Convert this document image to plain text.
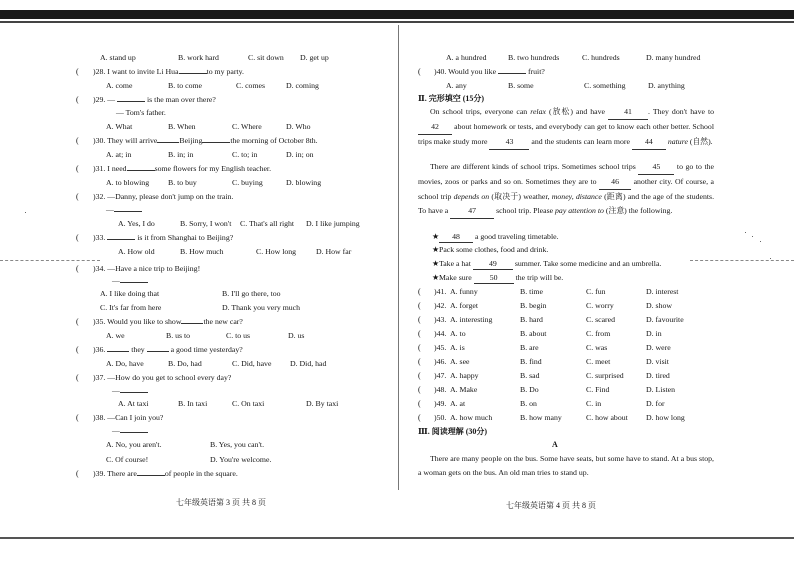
A. stand up	B. work hard	C. sit down D. get up
( )28. I want to invite Li Hua	to my party.
A. come	B. to come	C. comes	D. coming
( )29. —	is the man over there?
— Tom's father.
A. What	B. When	C. Where	D. Who
( )30. They will arrive	Beijing	the morning of October 8th.
A. at; in	B. in; in	C. to; in	D. in; on
( )31. I need	some flowers for my English teacher.
A. to blowing B. to buy	C. buying	D. blowing
( )32. —Danny, please don't jump on the train.
—
A. Yes, I do	B. Sorry, I won't C. That's all right D. I like jumping
( )33.	is it from Shanghai to Beijing?
A. How old	B. How much	C. How long	D. How far
( )34. —Have a nice trip to Beijing!
—
A. I like doing that	B. I'll go there, too
C. It's far from here	D. Thank you very much
( )35. Would you like to show	the new car?
A. we	B. us to	C. to us	D. us
( )36.	they	a good time yesterday?
A. Do, have	B. Do, had	C. Did, have D. Did, had
( )37. —How do you get to school every day?
—
A. At taxi	B. In taxi	C. On taxi	D. By taxi
( )38. —Can I join you?
—
A. No, you aren't.	B. Yes, you can't.
C. Of course!	D. You're welcome.
( )39. There are	of people in the square.
七年级英语第 3 页 共 8 页
A. a hundred	B. two hundreds	C. hundreds	D. many hundred
( )40. Would you like	fruit?
A. any	B. some	C. something	D. anything
Ⅱ. 完形填空 (15分)
On school trips, everyone can relax (放松) and have 41 . They don't have to 42 about homework or tests, and everybody can get to know each other better. School trips make study more 43 and the students can learn more 44 nature (自然).
There are different kinds of school trips. Sometimes school trips 45 to go to the movies, zoos or parks and so on. Sometimes they are to 46 another city. Of course, a school trip depends on (取决于) weather, money, distance (距离) and the age of the students. To have a	47	school trip. Please pay attention to (注意) the following.
★ 48 a good traveling timetable.
★Pack some clothes, food and drink.
★Take a hat 49 summer. Take some medicine and an umbrella.
★Make sure 50 the trip will be.
( )41. A. funny	B. time	C. fun	D. interest
( )42. A. forget	B. begin	C. worry	D. show
( )43. A. interesting	B. hard	C. scared	D. favourite
( )44. A. to	B. about	C. from	D. in
( )45. A. is	B. are	C. was	D. were
( )46. A. see	B. find	C. meet	D. visit
( )47. A. happy	B. sad	C. surprised	D. tired
( )48. A. Make	B. Do	C. Find	D. Listen
( )49. A. at	B. on	C. in	D. for
( )50. A. how much	B. how many	C. how about D. how long
Ⅲ. 阅读理解 (30分)
A
There are many people on the bus. Some have seats, but some have to stand. At a bus stop, a woman gets on the bus. An old man tries to stand up.
七年级英语第 4 页 共 8 页
